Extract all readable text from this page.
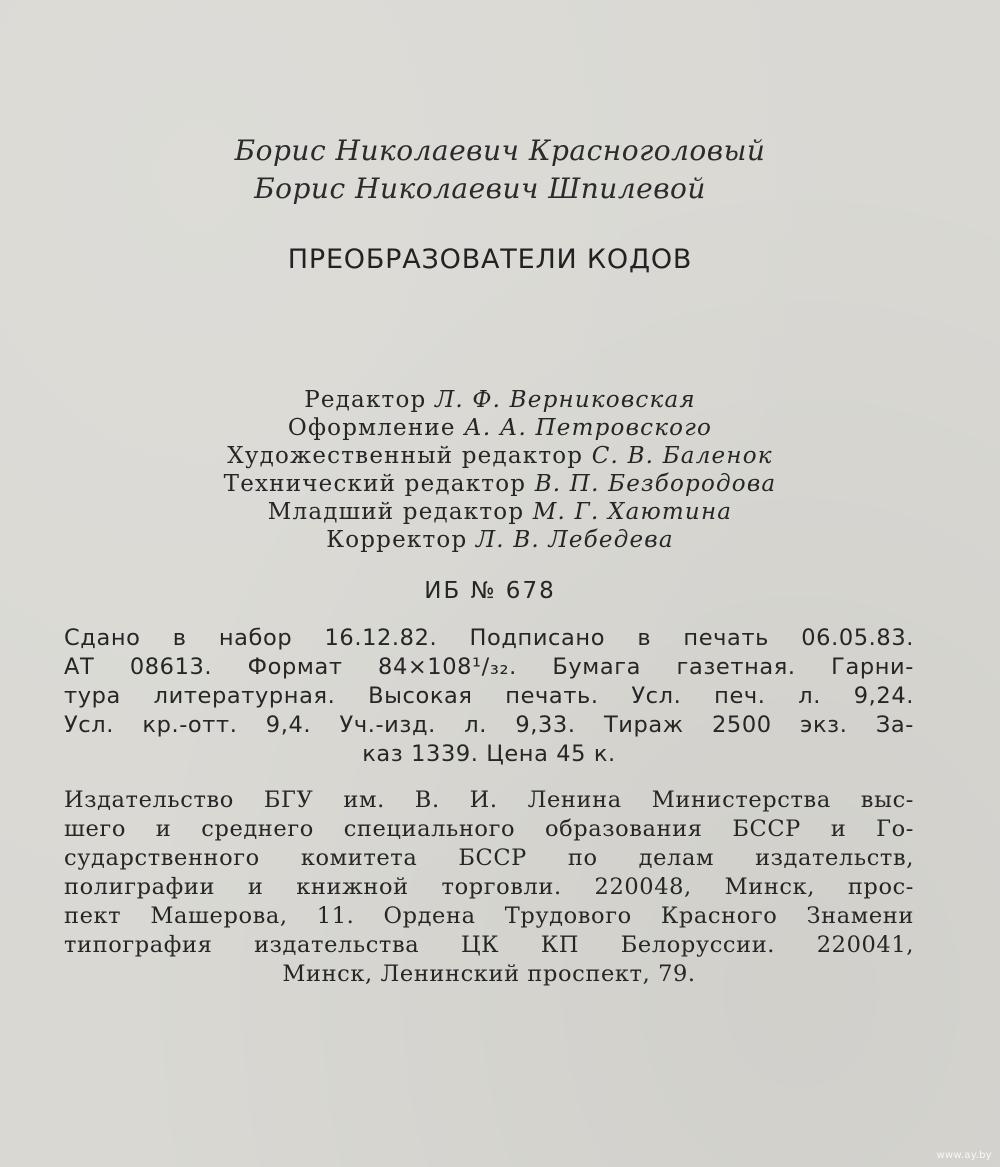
Борис Николаевич Красноголовый
Борис Николаевич Шпилевой
ПРЕОБРАЗОВАТЕЛИ КОДОВ
Редактор Л. Ф. Верниковская
Оформление А. А. Петровского
Художественный редактор С. В. Баленок
Технический редактор В. П. Безбородова
Младший редактор М. Г. Хаютина
Корректор Л. В. Лебедева
ИБ № 678
Сдано в набор 16.12.82. Подписано в печать 06.05.83.
АТ 08613. Формат 84×108¹/₃₂. Бумага газетная. Гарни-
тура литературная. Высокая печать. Усл. печ. л. 9,24.
Усл. кр.-отт. 9,4. Уч.-изд. л. 9,33. Тираж 2500 экз. За-
каз 1339. Цена 45 к.
Издательство БГУ им. В. И. Ленина Министерства выс-
шего и среднего специального образования БССР и Го-
сударственного комитета БССР по делам издательств,
полиграфии и книжной торговли. 220048, Минск, прос-
пект Машерова, 11. Ордена Трудового Красного Знамени
типография издательства ЦК КП Белоруссии. 220041,
Минск, Ленинский проспект, 79.
www.ay.by
